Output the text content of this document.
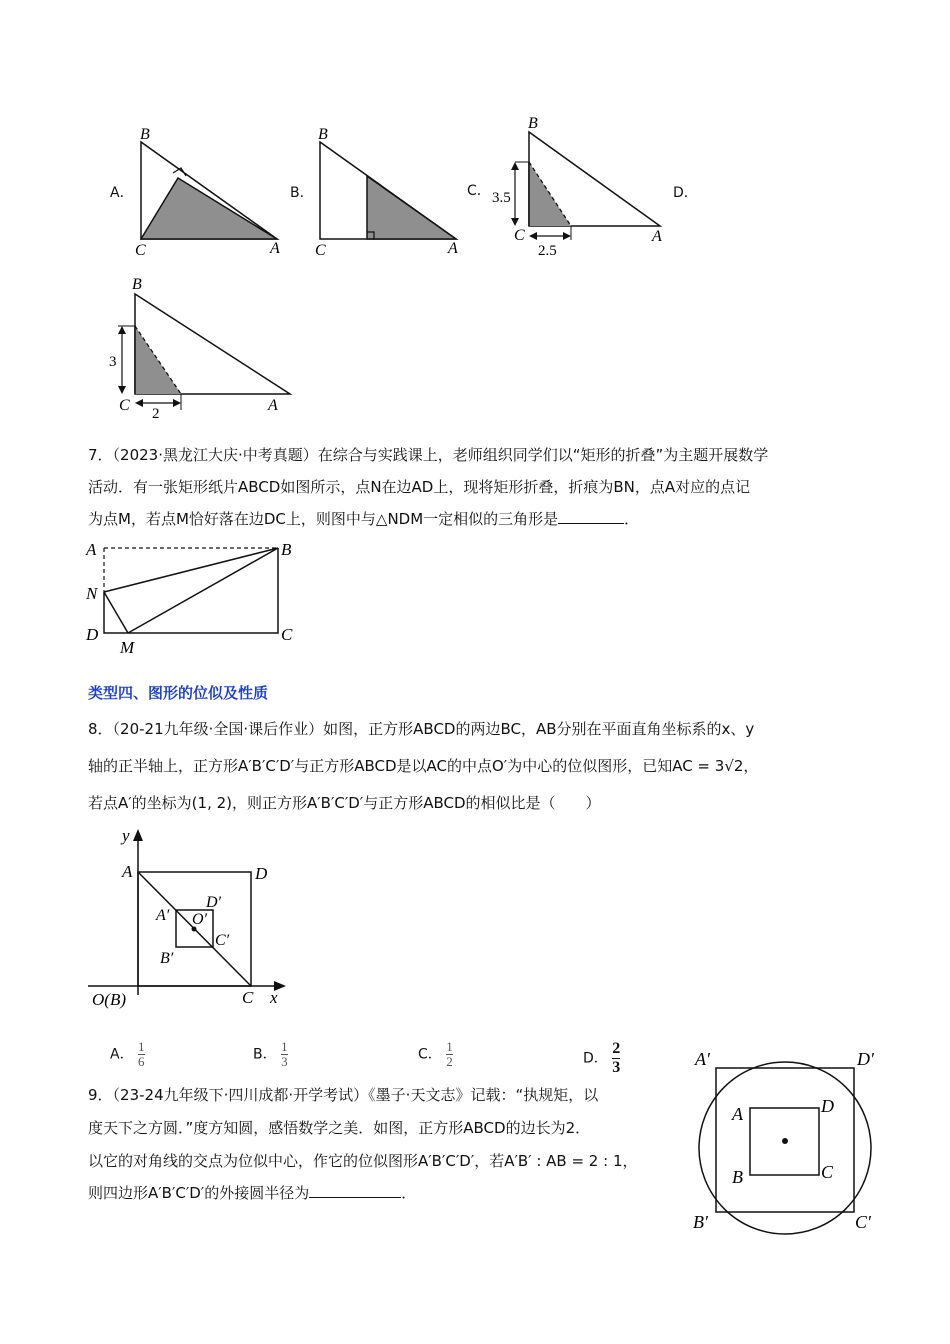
A．
B
C	A
B．
B
C	A
C．
B
C	A
3.5
2.5
D．
B
C	A
3
2
7．（2023·黑龙江大庆·中考真题）在综合与实践课上，老师组织同学们以“矩形的折叠”为主题开展数学
活动．有一张矩形纸片ABCD如图所示，点N在边AD上，现将矩形折叠，折痕为BN，点A对应的点记
为点M，若点M恰好落在边DC上，则图中与△NDM一定相似的三角形是	．
A	B
N
D
M
C
类型四、图形的位似及性质
8．（20-21九年级·全国·课后作业）如图，正方形ABCD的两边BC，AB分别在平面直角坐标系的x、y
轴的正半轴上，正方形A′B′C′D′与正方形ABCD是以AC的中点O′为中心的位似图形，已知AC = 3√2，
若点A′的坐标为(1, 2)，则正方形A′B′C′D′与正方形ABCD的相似比是（　　）
y
x
A	D
A′ O′
D′
C′
B′
O(B)	C
A． $\frac{1}{6}$	B． $\frac{1}{3}$	C． $\frac{1}{2}$	D． $\frac{2}{3}$
9．（23-24九年级下·四川成都·开学考试）《墨子·天文志》记载：“执规矩，以
度天下之方圆．”度方知圆，感悟数学之美．如图，正方形ABCD的边长为2．
以它的对角线的交点为位似中心，作它的位似图形A′B′C′D′，若A′B′ : AB = 2 : 1，
则四边形A′B′C′D′的外接圆半径为	．
A′	D′
A	D
B	C
B′	C′
